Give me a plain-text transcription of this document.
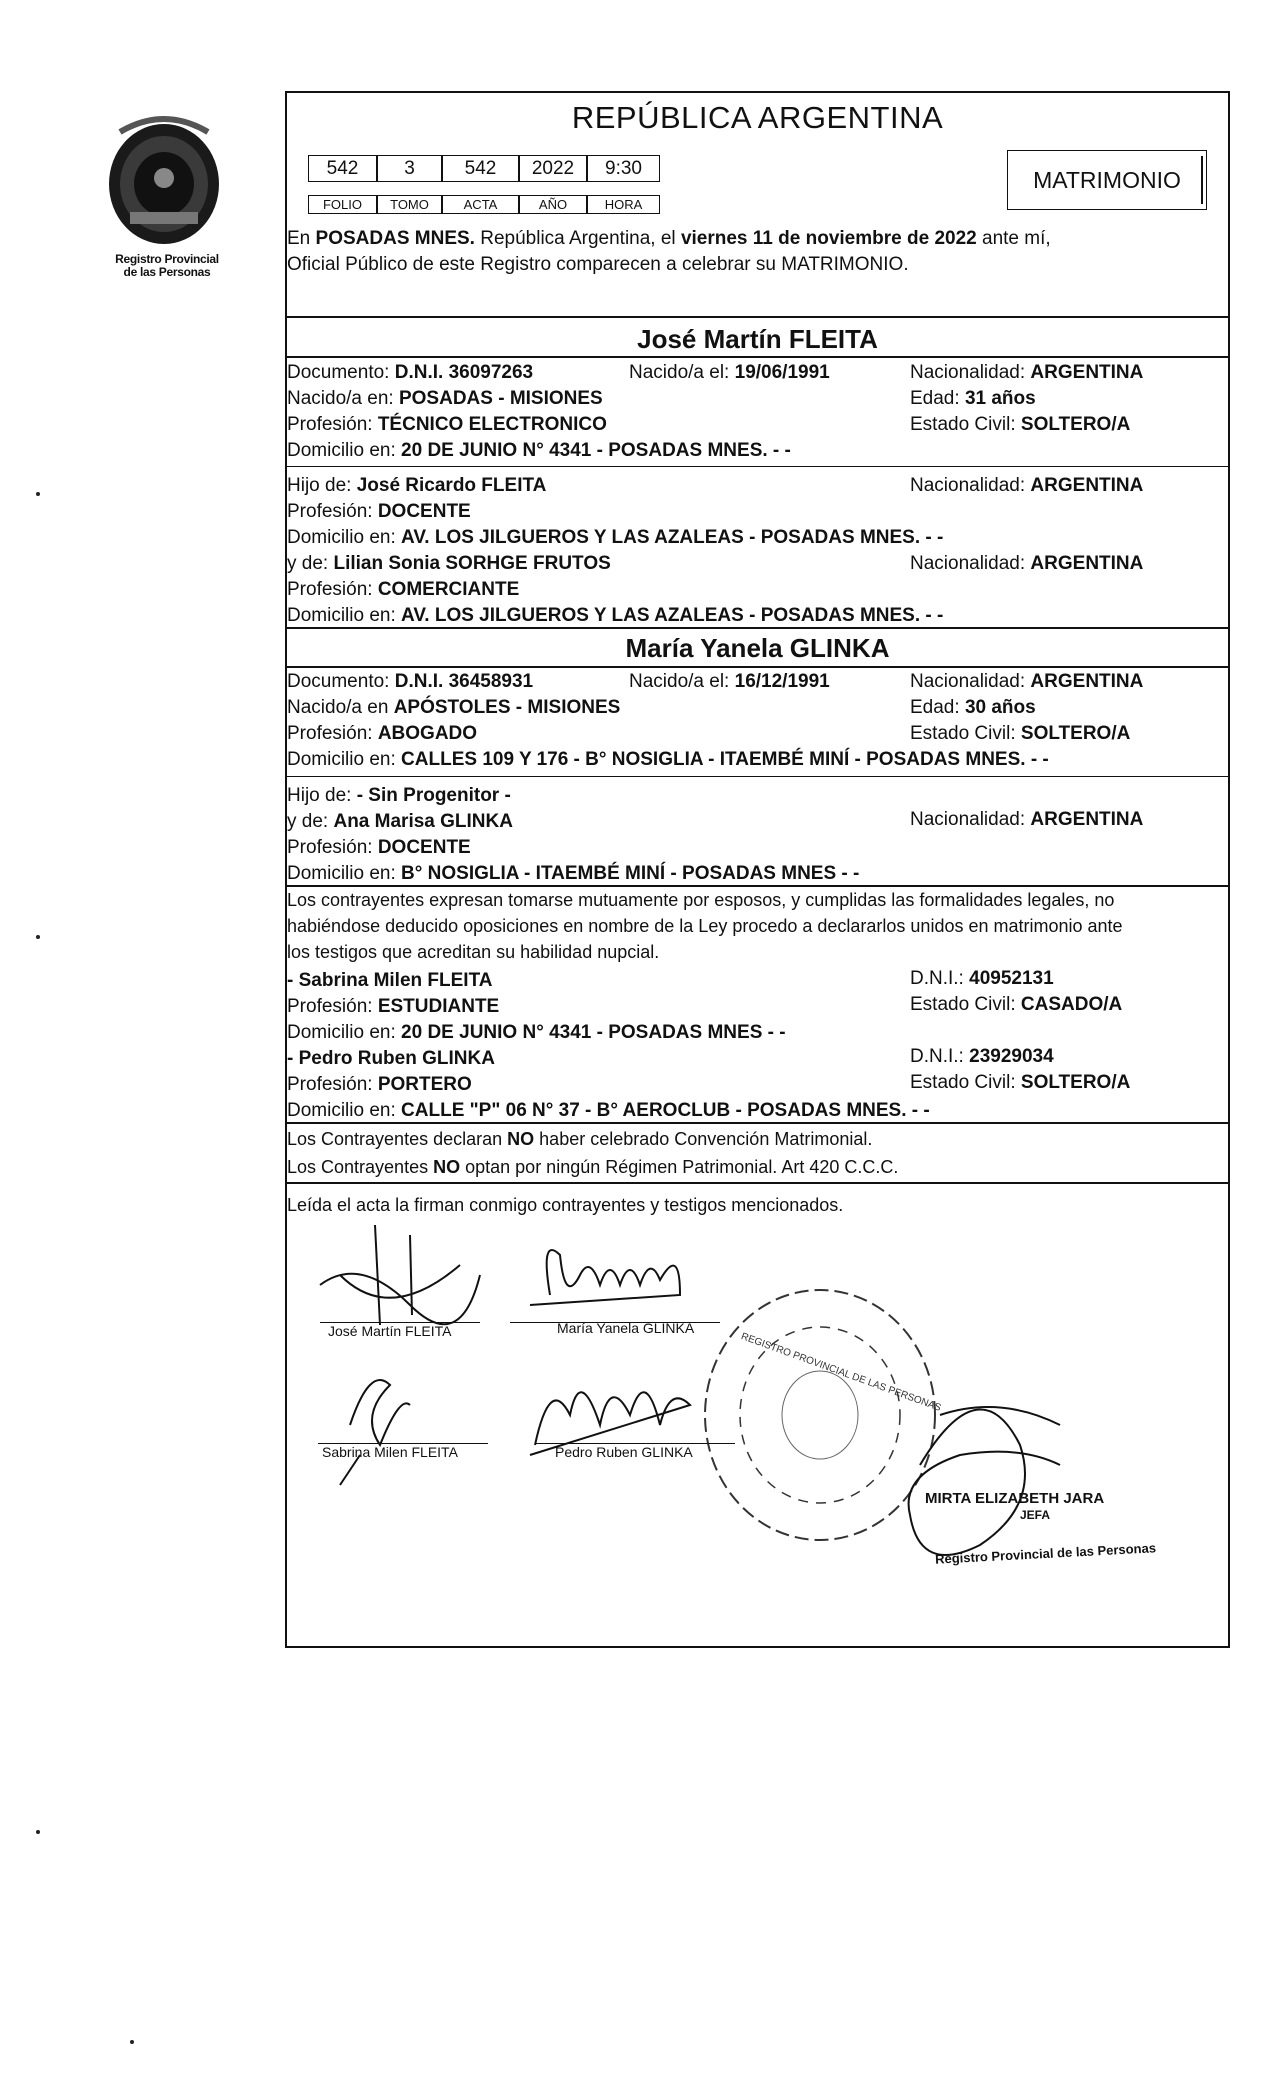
Registro Provincial
de las Personas
REPÚBLICA ARGENTINA
542	3	542	2022	9:30
FOLIO	TOMO	ACTA	AÑO	HORA
MATRIMONIO
En POSADAS MNES. República Argentina, el viernes 11 de noviembre de 2022 ante mí,
Oficial Público de este Registro comparecen a celebrar su MATRIMONIO.
José Martín FLEITA
Documento: D.N.I. 36097263	Nacido/a el: 19/06/1991	Nacionalidad: ARGENTINA
Nacido/a en: POSADAS - MISIONES	Edad: 31 años
Profesión: TÉCNICO ELECTRONICO	Estado Civil: SOLTERO/A
Domicilio en: 20 DE JUNIO N° 4341 - POSADAS MNES. - -
Hijo de: José Ricardo FLEITA	Nacionalidad: ARGENTINA
Profesión: DOCENTE
Domicilio en: AV. LOS JILGUEROS Y LAS AZALEAS - POSADAS MNES. - -
y de: Lilian Sonia SORHGE FRUTOS	Nacionalidad: ARGENTINA
Profesión: COMERCIANTE
Domicilio en: AV. LOS JILGUEROS Y LAS AZALEAS - POSADAS MNES. - -
María Yanela GLINKA
Documento: D.N.I. 36458931	Nacido/a el: 16/12/1991	Nacionalidad: ARGENTINA
Nacido/a en APÓSTOLES - MISIONES	Edad: 30 años
Profesión: ABOGADO	Estado Civil: SOLTERO/A
Domicilio en: CALLES 109 Y 176 - B° NOSIGLIA - ITAEMBÉ MINÍ - POSADAS MNES. - -
Hijo de: - Sin Progenitor -
y de: Ana Marisa GLINKA	Nacionalidad: ARGENTINA
Profesión: DOCENTE
Domicilio en: B° NOSIGLIA - ITAEMBÉ MINÍ - POSADAS MNES - -
Los contrayentes expresan tomarse mutuamente por esposos, y cumplidas las formalidades legales, no
habiéndose deducido oposiciones en nombre de la Ley procedo a declararlos unidos en matrimonio ante
los testigos que acreditan su habilidad nupcial.
- Sabrina Milen FLEITA	D.N.I.: 40952131
Profesión: ESTUDIANTE	Estado Civil: CASADO/A
Domicilio en: 20 DE JUNIO N° 4341 - POSADAS MNES - -
- Pedro Ruben GLINKA	D.N.I.: 23929034
Profesión: PORTERO	Estado Civil: SOLTERO/A
Domicilio en: CALLE "P" 06 N° 37 - B° AEROCLUB - POSADAS MNES. - -
Los Contrayentes declaran NO haber celebrado Convención Matrimonial.
Los Contrayentes NO optan por ningún Régimen Patrimonial. Art 420 C.C.C.
Leída el acta la firman conmigo contrayentes y testigos mencionados.
José Martín FLEITA	María Yanela GLINKA
Sabrina Milen FLEITA	Pedro Ruben GLINKA
MIRTA ELIZABETH JARA
JEFA
Registro Provincial de las Personas
REGISTRO PROVINCIAL DE LAS PERSONAS
